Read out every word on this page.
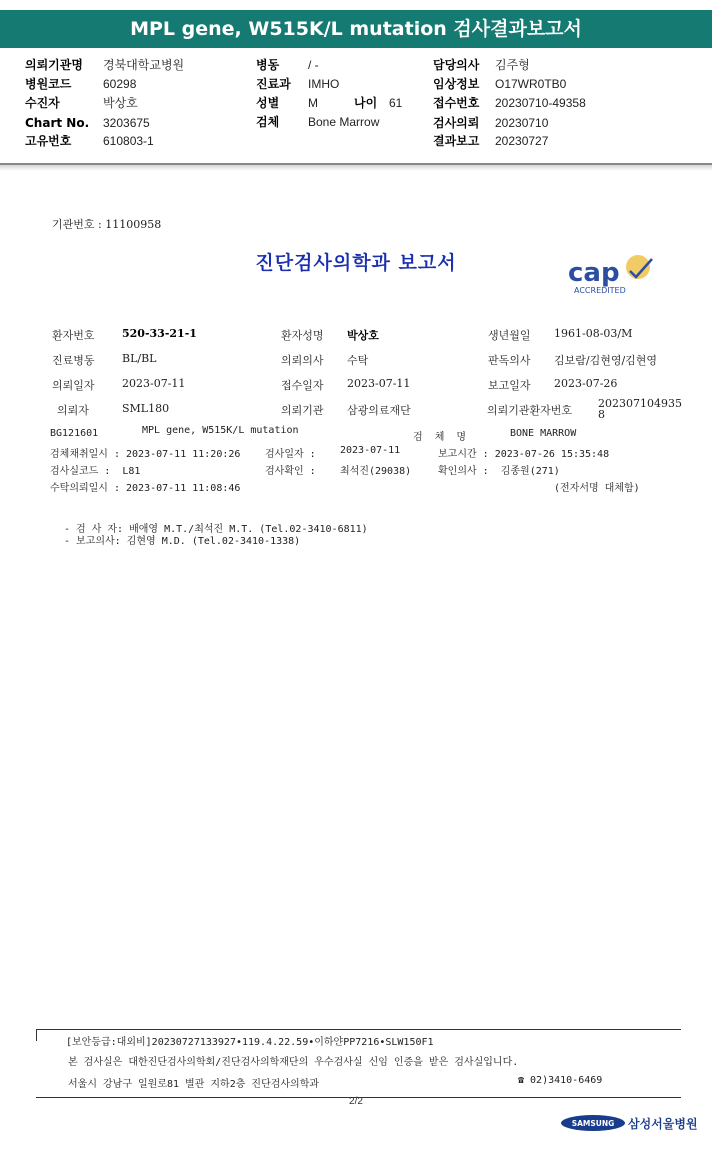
MPL gene, W515K/L mutation 검사결과보고서
의뢰기관명 경북대학교병원
병원코드	60298
수진자	박상호
Chart No. 3203675
고유번호	610803-1
병동 / -
진료과 IMHO
성별 M	나이 61
검체 Bone Marrow
담당의사 김주형
임상정보 O17WR0TB0
접수번호 20230710-49358
검사의뢰 20230710
결과보고 20230727
기관번호 : 11100958
진단검사의학과 보고서	cap
ACCREDITED
환자번호 520-33-21-1	환자성명 박상호	생년월일 1961-08-03/M
진료병동 BL/BL	의뢰의사 수탁	판독의사 김보람/김현영/김현영
의뢰일자 2023-07-11	접수일자 2023-07-11	보고일자 2023-07-26
의뢰자	SML180	의뢰기관 삼광의료재단	의뢰기관환자번호
202307104935
8
BG121601	MPL gene, W515K/L mutation
검  체  명	BONE MARROW
검체채취일시 : 2023-07-11 11:20:26 검사일자 : 2023-07-11	보고시간 : 2023-07-26 15:35:48
검사실코드 :  L81	검사확인 : 최석진(29038)	확인의사 :  김종원(271)
수탁의뢰일시 : 2023-07-11 11:08:46	(전자서명 대체함)
- 검 사 자: 배애영 M.T./최석진 M.T. (Tel.02-3410-6811)
- 보고의사: 김현영 M.D. (Tel.02-3410-1338)
[보안등급:대외비]20230727133927•119.4.22.59•이하얀PP7216•SLW150F1
본 검사실은 대한진단검사의학회/진단검사의학재단의 우수검사실 신임 인증을 받은 검사실입니다.
서울시 강남구 일원로81 별관 지하2층 진단검사의학과	☎ 02)3410-6469
2/2
SAMSUNG 삼성서울병원
